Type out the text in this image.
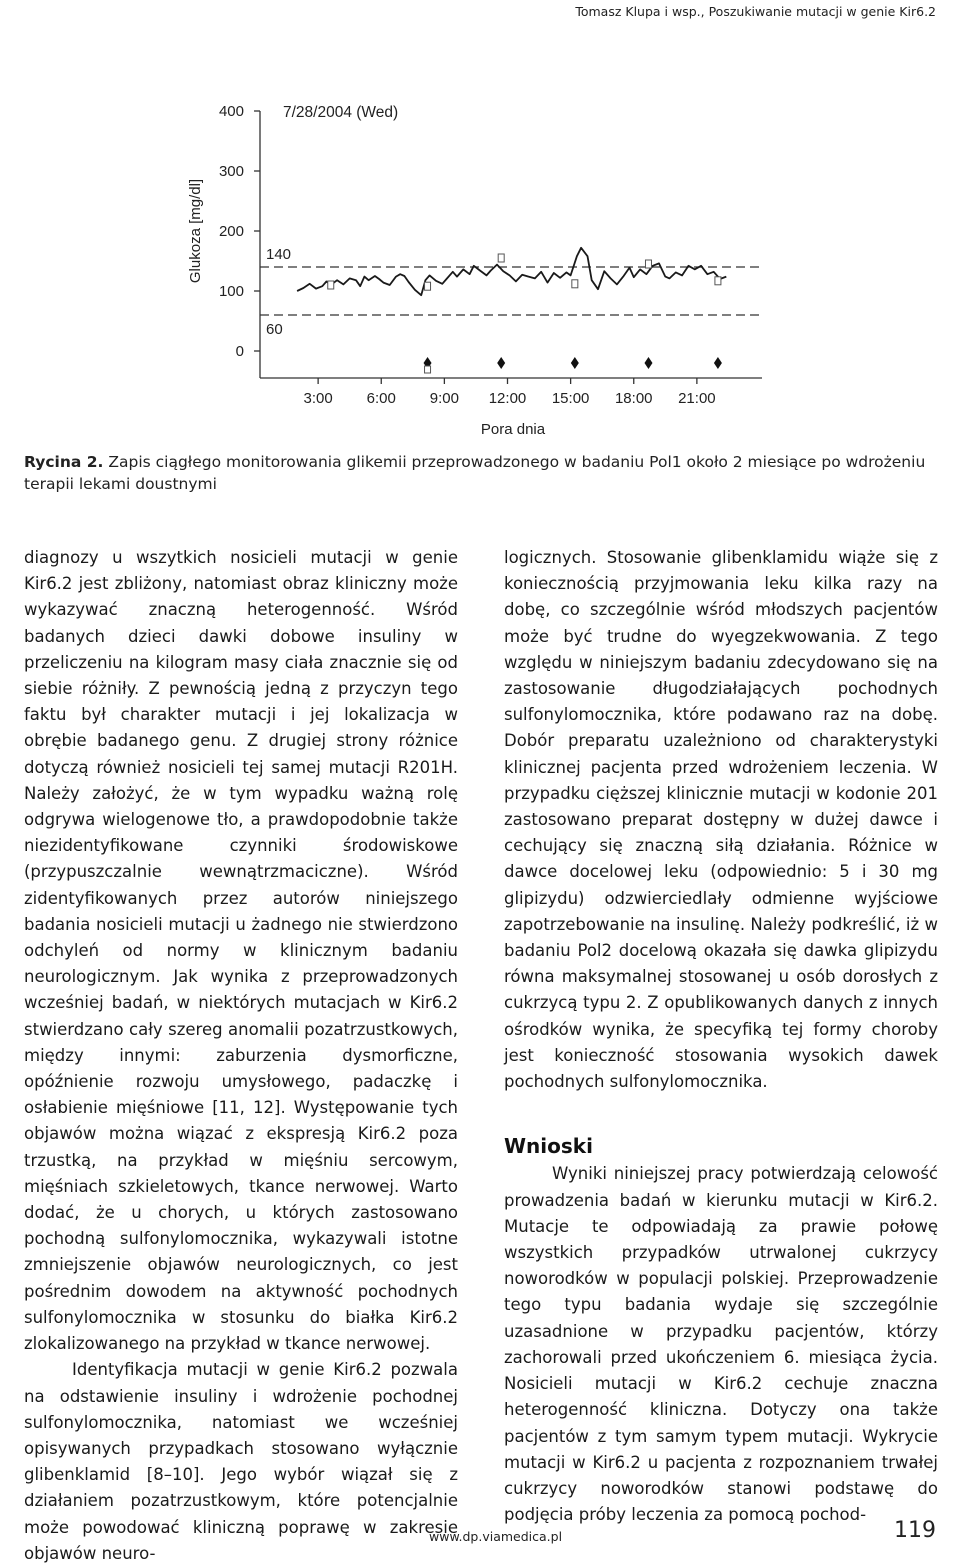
Tomasz Klupa i wsp., Poszukiwanie mutacji w genie Kir6.2
0
100
200
300
400
3:00 6:00 9:00 12:00 15:00 18:00 21:00
7/28/2004 (Wed)
Pora dnia
Glukoza [mg/dl]	140
60
Rycina 2. Zapis ciągłego monitorowania glikemii przeprowadzonego w badaniu Pol1 około 2 miesiące po wdrożeniu terapii lekami doustnymi

diagnozy u wszytkich nosicieli mutacji w genie Kir6.2 jest zbliżony, natomiast obraz kliniczny może wykazywać znaczną heterogenność. Wśród badanych dzieci dawki dobowe insuliny w przeliczeniu na kilogram masy ciała znacznie się od siebie różniły. Z pewnością jedną z przyczyn tego faktu był charakter mutacji i jej lokalizacja w obrębie badanego genu. Z drugiej strony różnice dotyczą również nosicieli tej samej mutacji R201H. Należy założyć, że w tym wypadku ważną rolę odgrywa wielogenowe tło, a prawdopodobnie także niezidentyfikowane czynniki środowiskowe (przypuszczalnie wewnątrzmaciczne). Wśród zidentyfikowanych przez autorów niniejszego badania nosicieli mutacji u żadnego nie stwierdzono odchyleń od normy w klinicznym badaniu neurologicznym. Jak wynika z przeprowadzonych wcześniej badań, w niektórych mutacjach w Kir6.2 stwierdzano cały szereg anomalii pozatrzustkowych, między innymi: zaburzenia dysmorficzne, opóźnienie rozwoju umysłowego, padaczkę i osłabienie mięśniowe [11, 12]. Występowanie tych objawów można wiązać z ekspresją Kir6.2 poza trzustką, na przykład w mięśniu sercowym, mięśniach szkieletowych, tkance nerwowej. Warto dodać, że u chorych, u których zastosowano pochodną sulfonylomocznika, wykazywali istotne zmniejszenie objawów neurologicznych, co jest pośrednim dowodem na aktywność pochodnych sulfonylomocznika w stosunku do białka Kir6.2 zlokalizowanego na przykład w tkance nerwowej.

Identyfikacja mutacji w genie Kir6.2 pozwala na odstawienie insuliny i wdrożenie pochodnej sulfonylomocznika, natomiast we wcześniej opisywanych przypadkach stosowano wyłącznie glibenklamid [8–10]. Jego wybór wiązał się z działaniem pozatrzustkowym, które potencjalnie może powodować kliniczną poprawę w zakresie objawów neuro-

logicznych. Stosowanie glibenklamidu wiąże się z koniecznością przyjmowania leku kilka razy na dobę, co szczególnie wśród młodszych pacjentów może być trudne do wyegzekwowania. Z tego względu w niniejszym badaniu zdecydowano się na zastosowanie długodziałających pochodnych sulfonylomocznika, które podawano raz na dobę. Dobór preparatu uzależniono od charakterystyki klinicznej pacjenta przed wdrożeniem leczenia. W przypadku cięższej klinicznie mutacji w kodonie 201 zastosowano preparat dostępny w dużej dawce i cechujący się znaczną siłą działania. Różnice w dawce docelowej leku (odpowiednio: 5 i 30 mg glipizydu) odzwierciedlały odmienne wyjściowe zapotrzebowanie na insulinę. Należy podkreślić, iż w badaniu Pol2 docelową okazała się dawka glipizydu równa maksymalnej stosowanej u osób dorosłych z cukrzycą typu 2. Z opublikowanych danych z innych ośrodków wynika, że specyfiką tej formy choroby jest konieczność stosowania wysokich dawek pochodnych sulfonylomocznika.

Wnioski

Wyniki niniejszej pracy potwierdzają celowość prowadzenia badań w kierunku mutacji w Kir6.2. Mutacje te odpowiadają za prawie połowę wszystkich przypadków utrwalonej cukrzycy noworodków w populacji polskiej. Przeprowadzenie tego typu badania wydaje się szczególnie uzasadnione w przypadku pacjentów, którzy zachorowali przed ukończeniem 6. miesiąca życia. Nosicieli mutacji w Kir6.2 cechuje znaczna heterogenność kliniczna. Dotyczy ona także pacjentów z tym samym typem mutacji. Wykrycie mutacji w Kir6.2 u pacjenta z rozpoznaniem trwałej cukrzycy noworodków stanowi podstawę do podjęcia próby leczenia za pomocą pochod-

www.dp.viamedica.pl	119
